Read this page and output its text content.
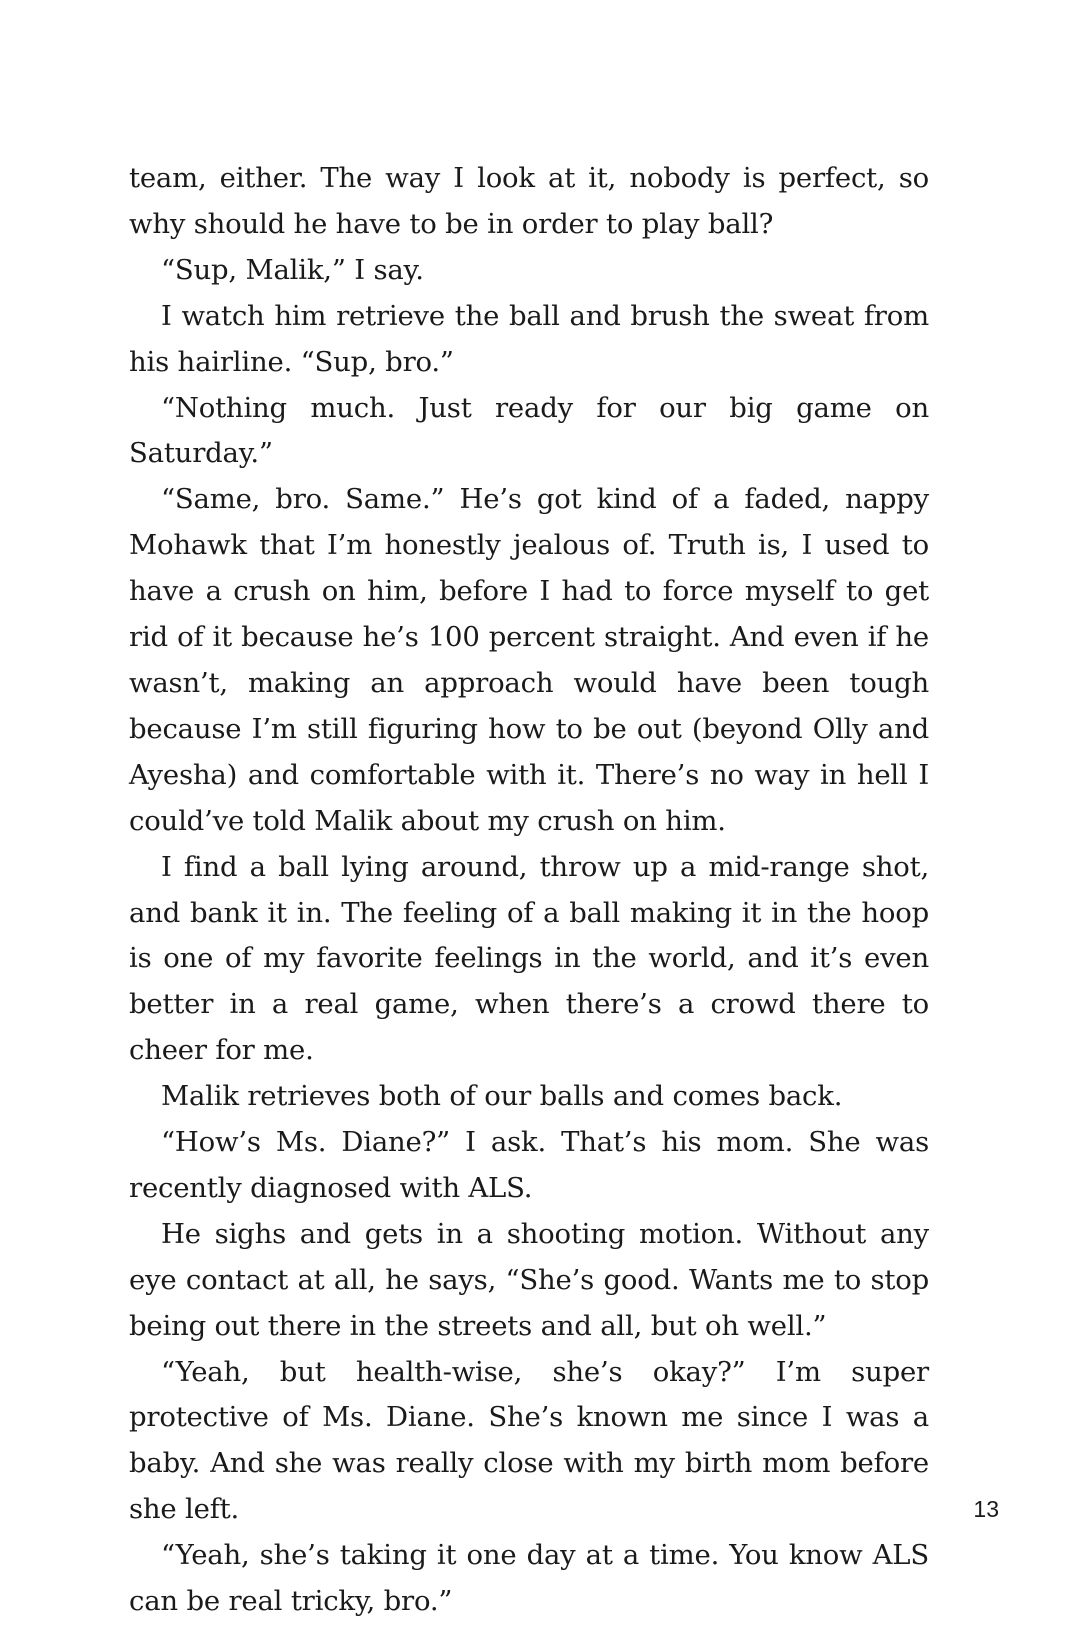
team, either. The way I look at it, nobody is perfect, so why should he have to be in order to play ball?

“Sup, Malik,” I say.

I watch him retrieve the ball and brush the sweat from his hairline. “Sup, bro.”

“Nothing much. Just ready for our big game on Saturday.”

“Same, bro. Same.” He’s got kind of a faded, nappy Mohawk that I’m honestly jealous of. Truth is, I used to have a crush on him, before I had to force myself to get rid of it because he’s 100 percent straight. And even if he wasn’t, making an approach would have been tough because I’m still figuring how to be out (beyond Olly and Ayesha) and comfortable with it. There’s no way in hell I could’ve told Malik about my crush on him.

I find a ball lying around, throw up a mid-range shot, and bank it in. The feeling of a ball making it in the hoop is one of my favorite feelings in the world, and it’s even better in a real game, when there’s a crowd there to cheer for me.

Malik retrieves both of our balls and comes back.

“How’s Ms. Diane?” I ask. That’s his mom. She was recently diagnosed with ALS.

He sighs and gets in a shooting motion. Without any eye contact at all, he says, “She’s good. Wants me to stop being out there in the streets and all, but oh well.”

“Yeah, but health-wise, she’s okay?” I’m super protective of Ms. Diane. She’s known me since I was a baby. And she was really close with my birth mom before she left.

“Yeah, she’s taking it one day at a time. You know ALS can be real tricky, bro.”

13
